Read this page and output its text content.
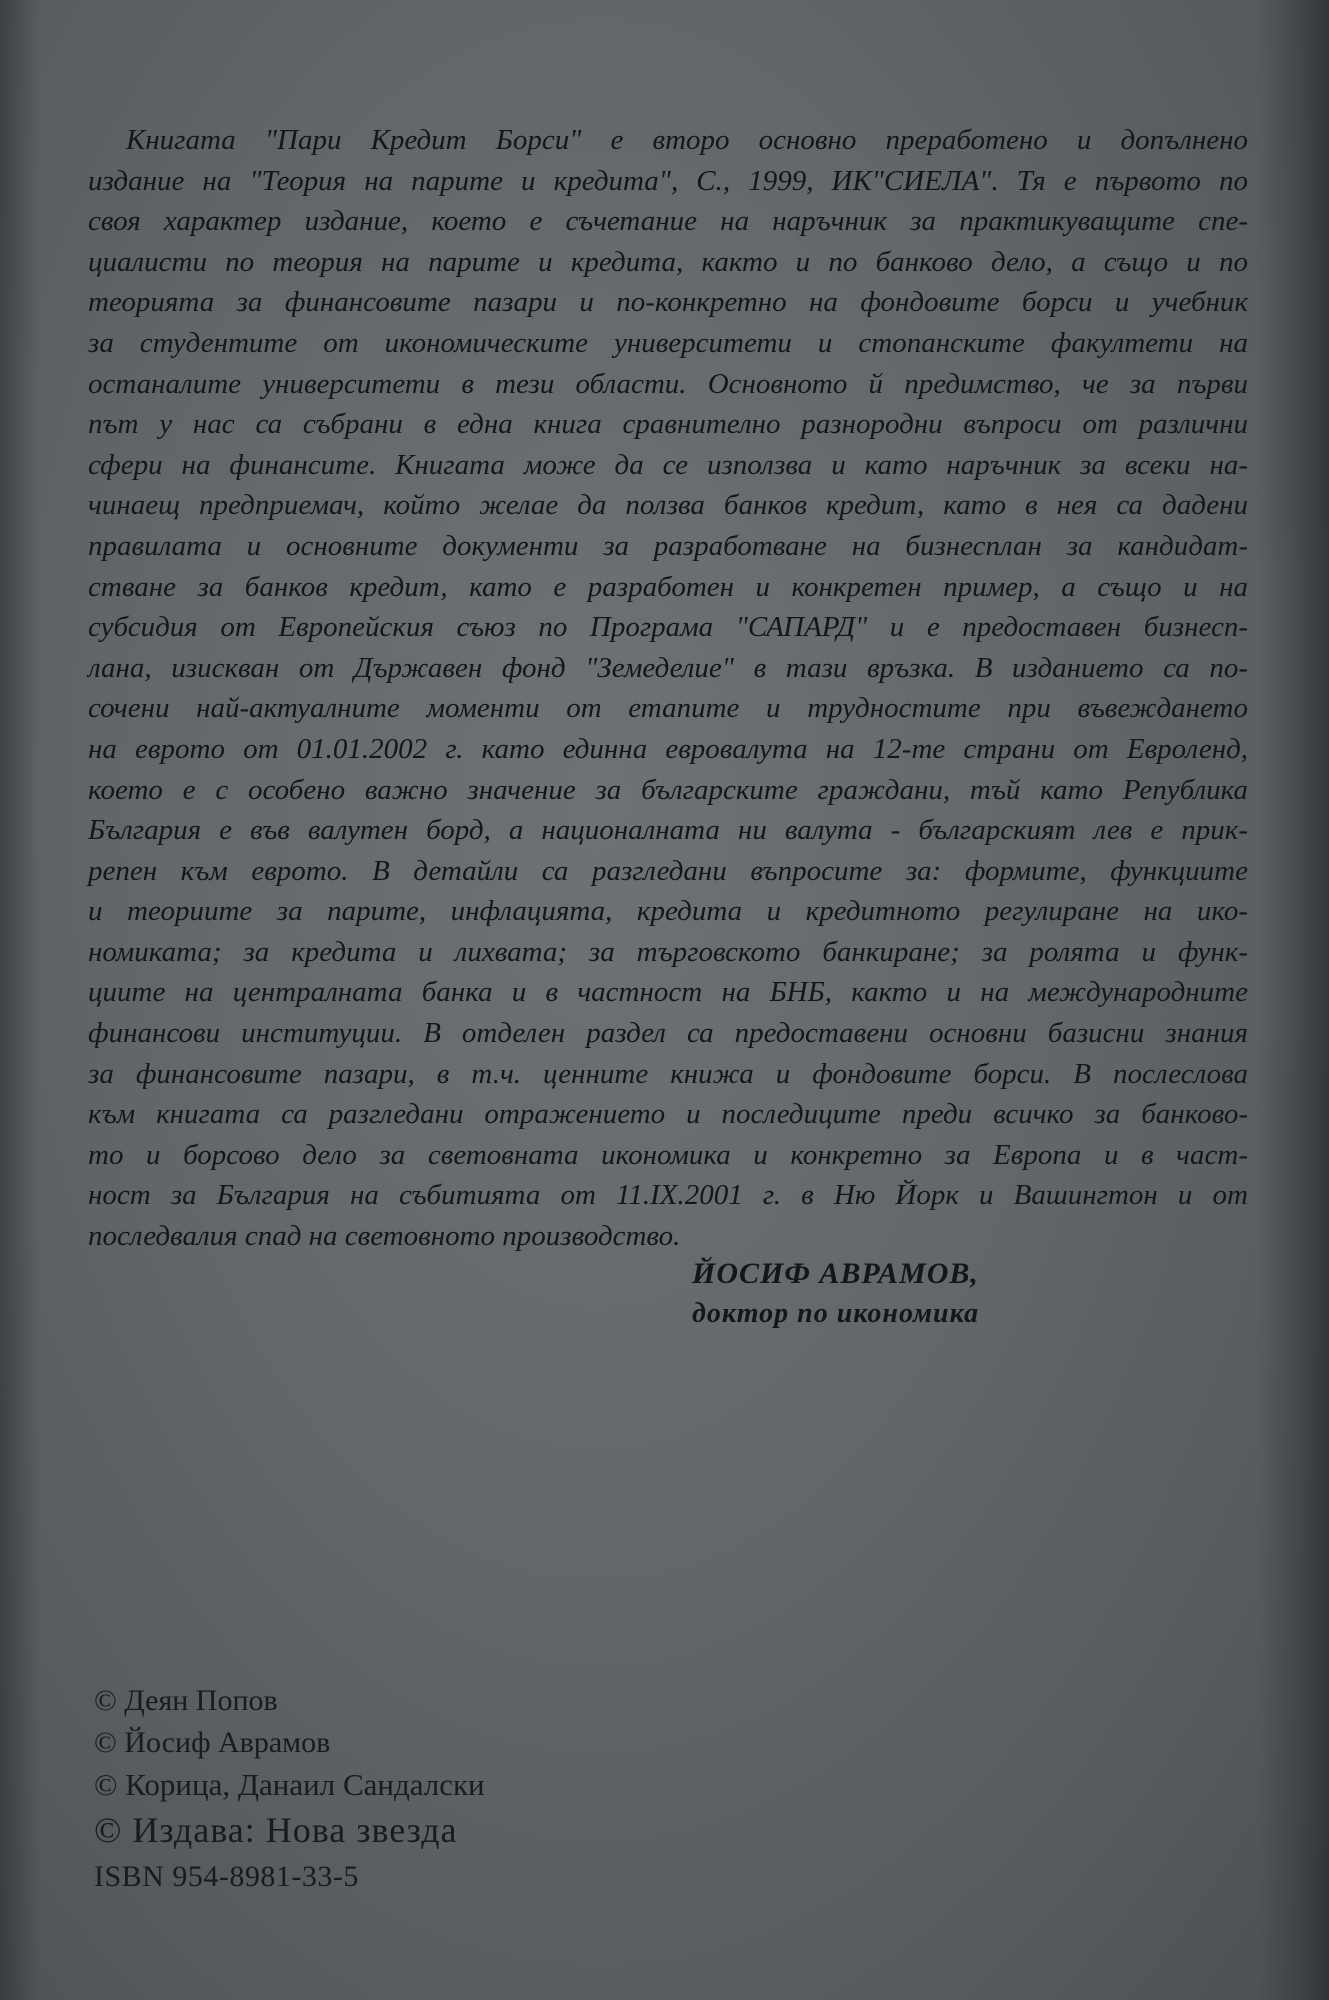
Книгата "Пари Кредит Борси" е второ основно преработено и допълнено
издание на "Теория на парите и кредита", С., 1999, ИК"СИЕЛА". Тя е първото по
своя характер издание, което е съчетание на наръчник за практикуващите спе-
циалисти по теория на парите и кредита, както и по банково дело, а също и по
теорията за финансовите пазари и по-конкретно на фондовите борси и учебник
за студентите от икономическите университети и стопанските факултети на
останалите университети в тези области. Основното й предимство, че за първи
път у нас са събрани в една книга сравнително разнородни въпроси от различни
сфери на финансите. Книгата може да се използва и като наръчник за всеки на-
чинаещ предприемач, който желае да ползва банков кредит, като в нея са дадени
правилата и основните документи за разработване на бизнесплан за кандидат-
стване за банков кредит, като е разработен и конкретен пример, а също и на
субсидия от Европейския съюз по Програма "САПАРД" и е предоставен бизнесп-
лана, изискван от Държавен фонд "Земеделие" в тази връзка. В изданието са по-
сочени най-актуалните моменти от етапите и трудностите при въвеждането
на еврото от 01.01.2002 г. като единна евровалута на 12-те страни от Евроленд,
което е с особено важно значение за българските граждани, тъй като Република
България е във валутен борд, а националната ни валута - българският лев е прик-
репен към еврото. В детайли са разгледани въпросите за: формите, функциите
и теориите за парите, инфлацията, кредита и кредитното регулиране на ико-
номиката; за кредита и лихвата; за търговското банкиране; за ролята и функ-
циите на централната банка и в частност на БНБ, както и на международните
финансови институции. В отделен раздел са предоставени основни базисни знания
за финансовите пазари, в т.ч. ценните книжа и фондовите борси. В послеслова
към книгата са разгледани отражението и последиците преди всичко за банково-
то и борсово дело за световната икономика и конкретно за Европа и в част-
ност за България на събитията от 11.IX.2001 г. в Ню Йорк и Вашингтон и от
последвалия спад на световното производство.
ЙОСИФ АВРАМОВ,
доктор по икономика
© Деян Попов
© Йосиф Аврамов
© Корица, Данаил Сандалски
© Издава: Нова звезда
ISBN 954-8981-33-5
